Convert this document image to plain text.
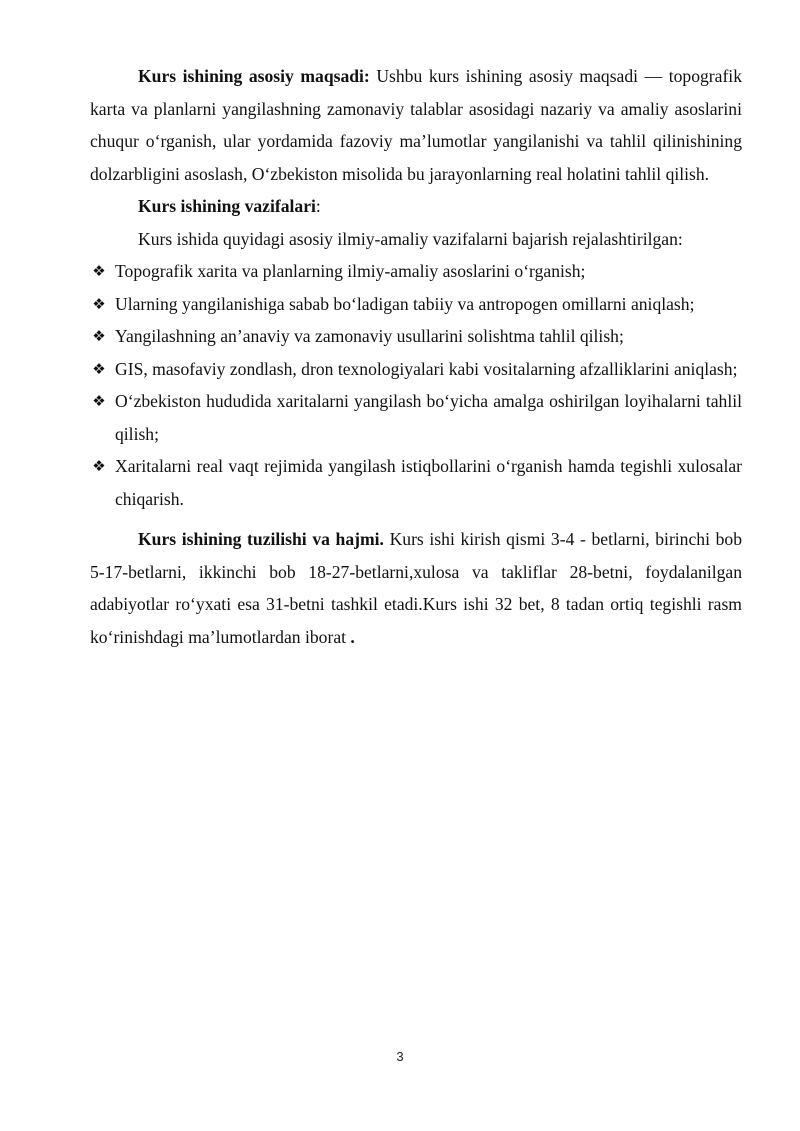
Kurs ishining asosiy maqsadi: Ushbu kurs ishining asosiy maqsadi — topografik karta va planlarni yangilashning zamonaviy talablar asosidagi nazariy va amaliy asoslarini chuqur o‘rganish, ular yordamida fazoviy ma’lumotlar yangilanishi va tahlil qilinishining dolzarbligini asoslash, O‘zbekiston misolida bu jarayonlarning real holatini tahlil qilish.

Kurs ishining vazifalari:

Kurs ishida quyidagi asosiy ilmiy-amaliy vazifalarni bajarish rejalashtirilgan:

❖ Topografik xarita va planlarning ilmiy-amaliy asoslarini o‘rganish;
❖ Ularning yangilanishiga sabab bo‘ladigan tabiiy va antropogen omillarni aniqlash;
❖ Yangilashning an’anaviy va zamonaviy usullarini solishtma tahlil qilish;
❖ GIS, masofaviy zondlash, dron texnologiyalari kabi vositalarning afzalliklarini aniqlash;
❖ O‘zbekiston hududida xaritalarni yangilash bo‘yicha amalga oshirilgan loyihalarni tahlil qilish;
❖ Xaritalarni real vaqt rejimida yangilash istiqbollarini o‘rganish hamda tegishli xulosalar chiqarish.

Kurs ishining tuzilishi va hajmi. Kurs ishi kirish qismi 3-4 - betlarni, birinchi bob 5-17-betlarni, ikkinchi bob 18-27-betlarni,xulosa va takliflar 28-betni, foydalanilgan adabiyotlar ro‘yxati esa 31-betni tashkil etadi.Kurs ishi 32 bet, 8 tadan ortiq tegishli rasm ko‘rinishdagi ma’lumotlardan iborat .

3
